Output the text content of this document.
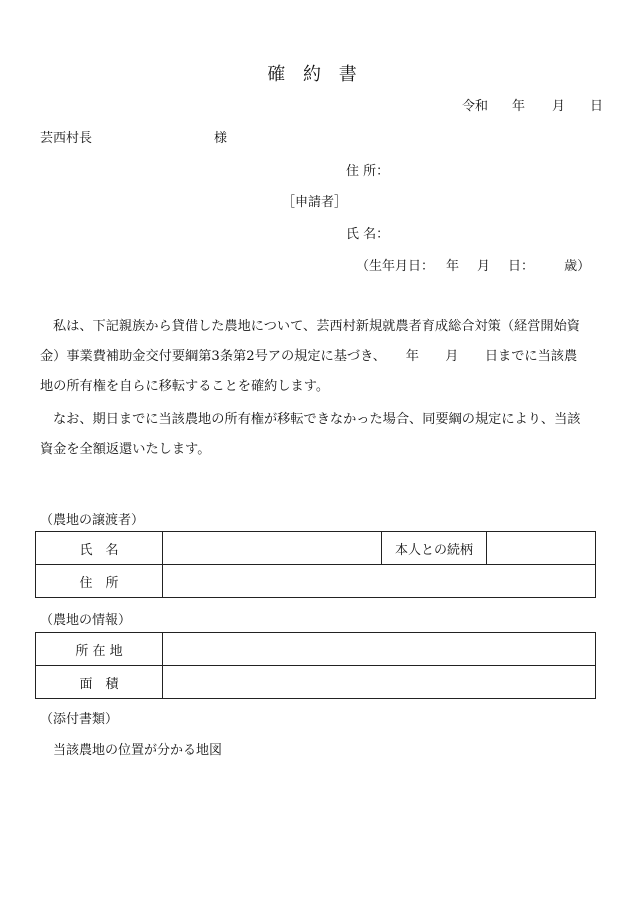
確 約 書
令和 年 月 日
芸西村長	様
住 所：
［申請者］
氏 名：
（生年月日： 年 月 日： 歳）
私は、下記親族から貸借した農地について、芸西村新規就農者育成総合対策（経営開始資
金）事業費補助金交付要綱第3条第2号アの規定に基づき、　　年　　月　　日までに当該農
地の所有権を自らに移転することを確約します。
なお、期日までに当該農地の所有権が移転できなかった場合、同要綱の規定により、当該
資金を全額返還いたします。
（農地の譲渡者）
氏　名		本人との続柄	
住　所			
（農地の情報）
所 在 地	
面　積	
（添付書類）
当該農地の位置が分かる地図
